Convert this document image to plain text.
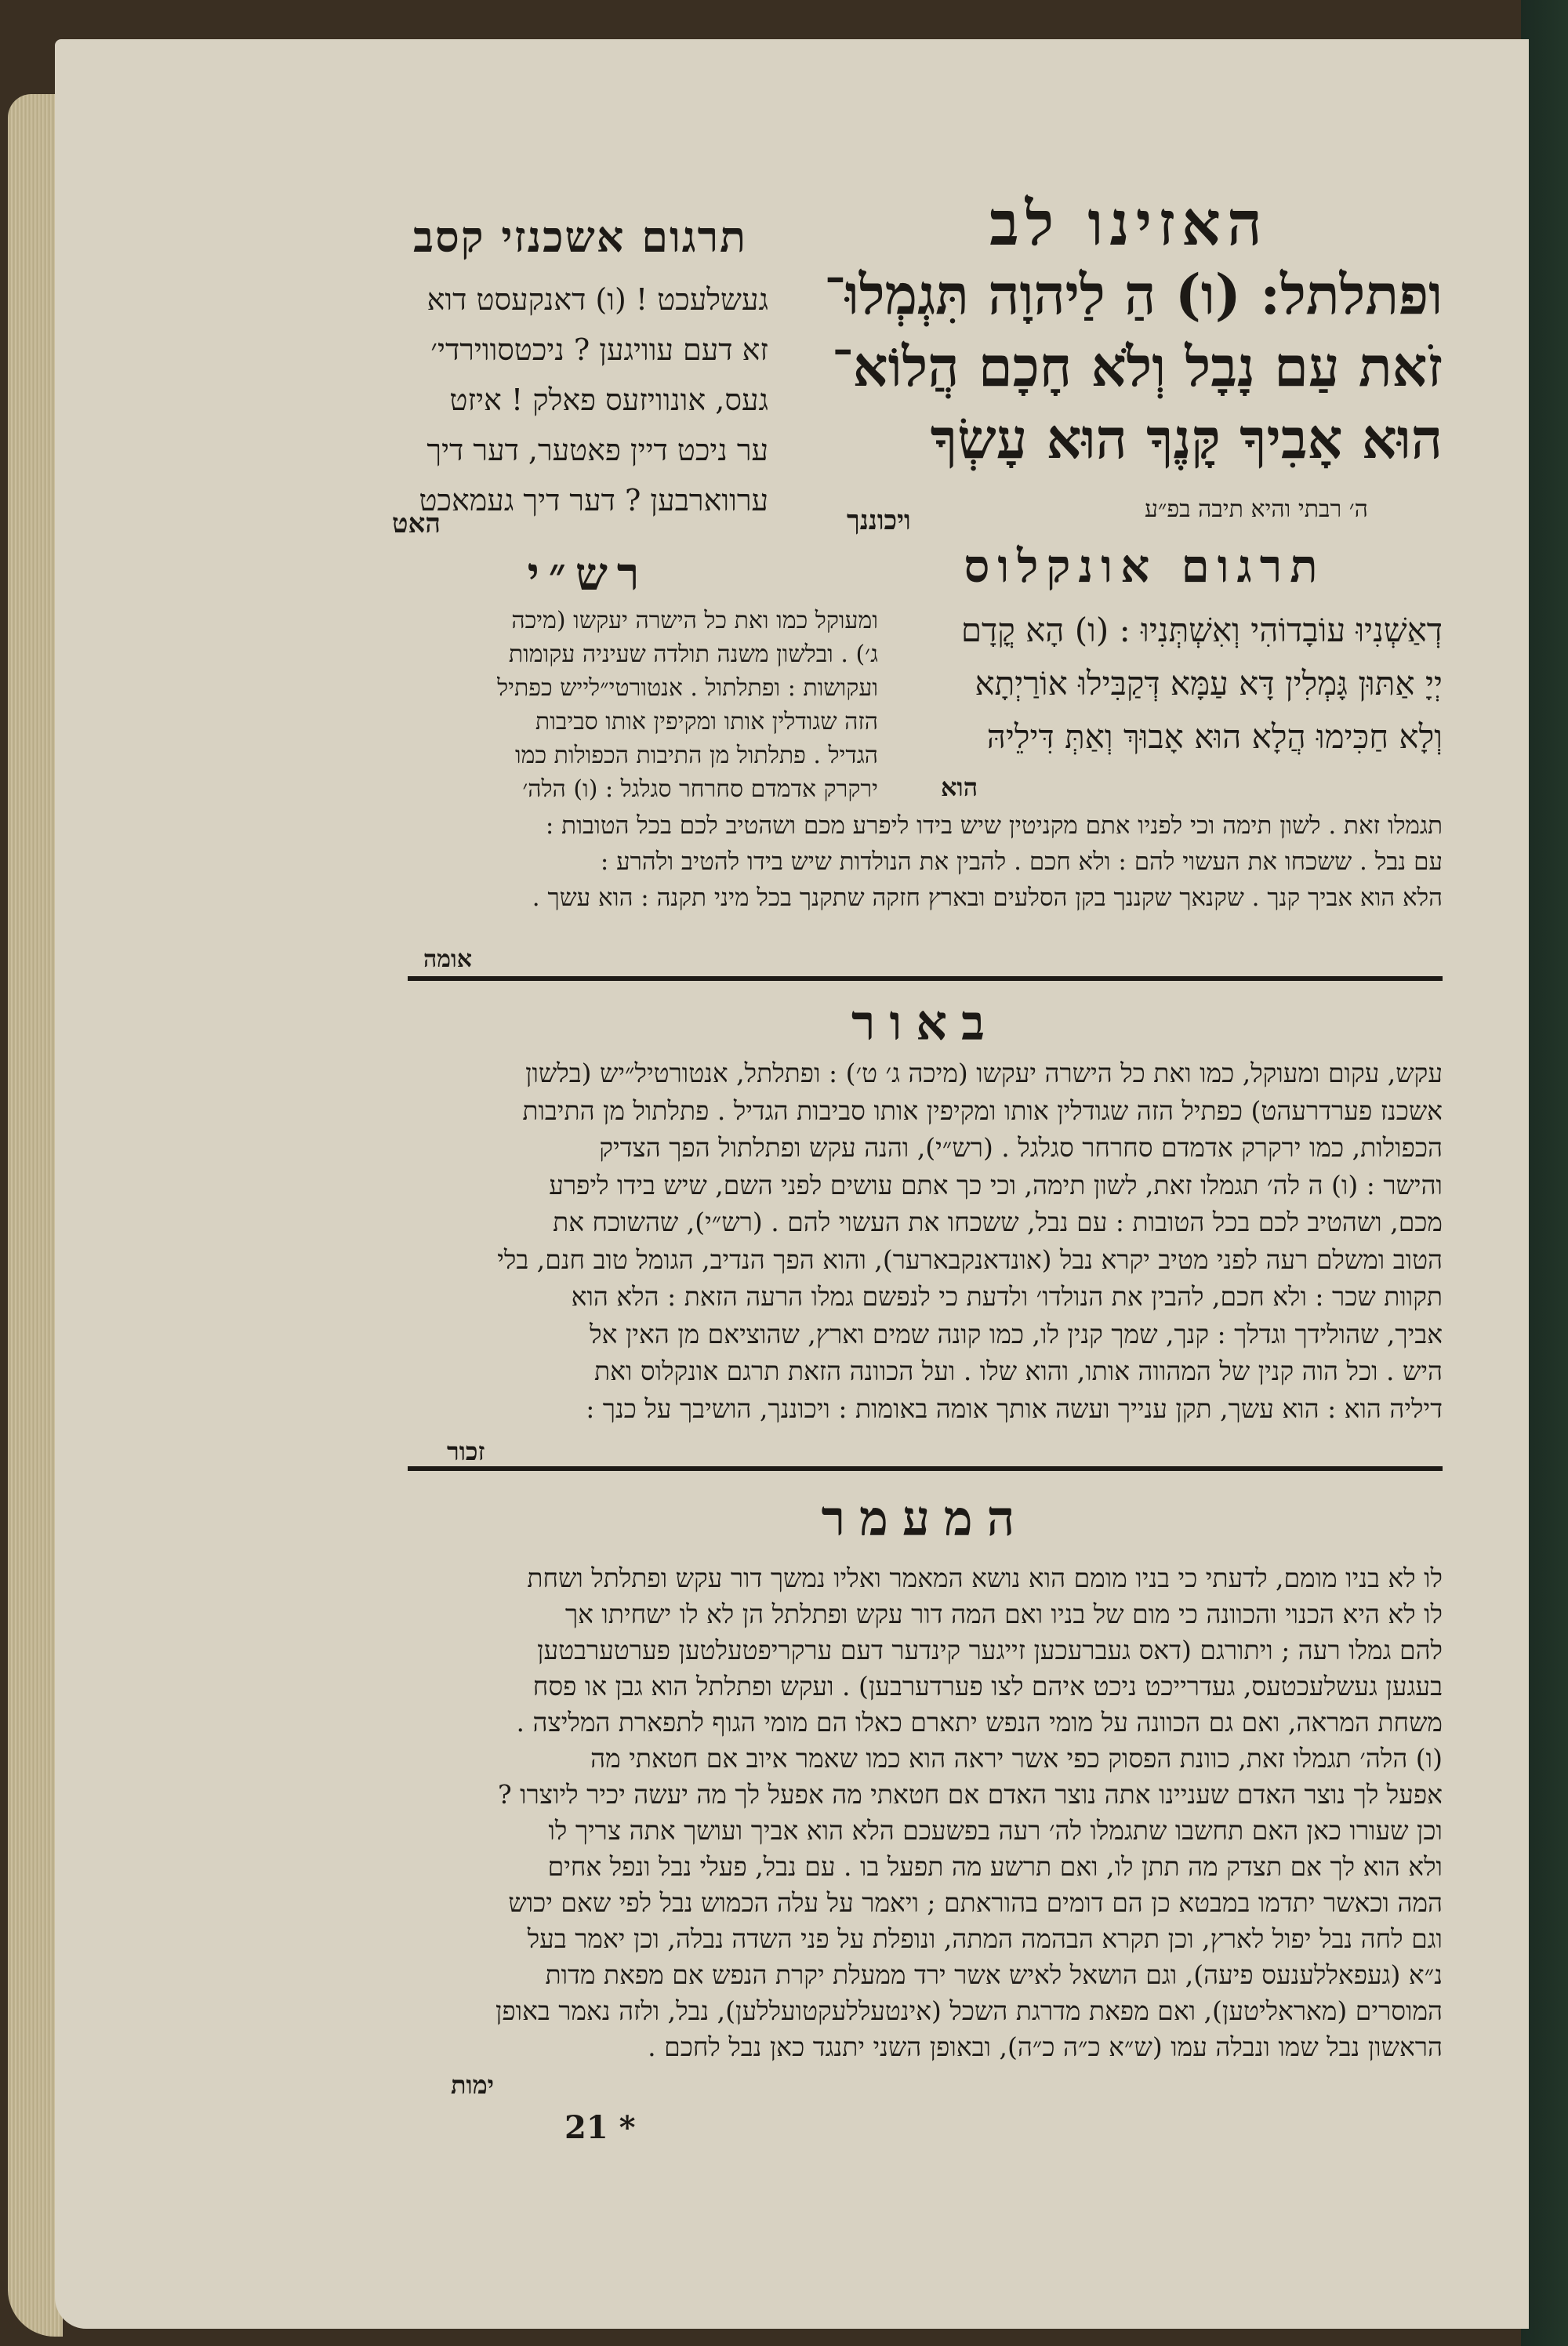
תרגום אשכנזי קסב	האזינו לב
געשלעכט ! (ו) דאנקעסט דוא
זא דעם עוויגען ? ניכטסווירדי׳
געס, אונוויזעס פאלק ! איזט
ער ניכט דיין פאטער, דער דיך
ערווארבען ? דער דיך געמאכט
האט
ופתלתל: (ו) הַ לַיהוָה תִּגְמְלוּ־
זֹאת עַם נָבָל וְלֹא חָכָם הֲלוֹא־
הוּא אָבִיךָ קָּנֶךָ הוּא עָשְׂךָ
ה׳ רבתי והיא תיבה בפ״ע
ויכוננך
רש״י	תרגום אונקלוס
ומעוקל כמו ואת כל הישרה יעקשו (מיכה
ג׳) . ובלשון משנה תולדה שעיניה עקומות
ועקושות : ופתלתול . אנטורטי״לייש כפתיל
הזה שגודלין אותו ומקיפין אותו סביבות
הגדיל . פתלתול מן התיבות הכפולות כמו
ירקרק אדמדם סחרחר סגלגל : (ו) הלה׳
דְאַשְׁנִיוּ עוֹבָדוֹהִי וְאִשְׁתְּנִיוּ : (ו) הָא קֳדָם
יְיָ אַתּוּן גָּמְלִין דָּא עַמָּא דְּקַבִּילוּ אוֹרַיְתָא
וְלָא חַכִּימוּ הֲלָא הוּא אָבוּךְ וְאַתְּ דִּילֵיהּ
הוא
תגמלו זאת . לשון תימה וכי לפניו אתם מקניטין שיש בידו ליפרע מכם ושהטיב לכם בכל הטובות :
עם נבל . ששכחו את העשוי להם : ולא חכם . להבין את הנולדות שיש בידו להטיב ולהרע :
הלא הוא אביך קנך . שקנאך שקננך בקן הסלעים ובארץ חזקה שתקנך בכל מיני תקנה : הוא עשך .
אומה
באור
עקש, עקום ומעוקל, כמו ואת כל הישרה יעקשו (מיכה ג׳ ט׳) : ופתלתל, אנטורטיל״יש (בלשון
אשכנז פערדרעהט) כפתיל הזה שגודלין אותו ומקיפין אותו סביבות הגדיל . פתלתול מן התיבות
הכפולות, כמו ירקרק אדמדם סחרחר סגלגל . (רש״י), והנה עקש ופתלתול הפך הצדיק
והישר : (ו) ה לה׳ תגמלו זאת, לשון תימה, וכי כך אתם עושים לפני השם, שיש בידו ליפרע
מכם, ושהטיב לכם בכל הטובות : עם נבל, ששכחו את העשוי להם . (רש״י), שהשוכח את
הטוב ומשלם רעה לפני מטיב יקרא נבל (אונדאנקבארער), והוא הפך הנדיב, הגומל טוב חנם, בלי
תקוות שכר : ולא חכם, להבין את הנולדו׳ ולדעת כי לנפשם גמלו הרעה הזאת : הלא הוא
אביך, שהולידך וגדלך : קנך, שמך קנין לו, כמו קונה שמים וארץ, שהוציאם מן האין אל
היש . וכל הוה קנין של המהווה אותו, והוא שלו . ועל הכוונה הזאת תרגם אונקלוס ואת
דיליה הוא : הוא עשך, תקן ענייך ועשה אותך אומה באומות : ויכוננך, הושיבך על כנך :
זכור
המעמר
לו לא בניו מומם, לדעתי כי בניו מומם הוא נושא המאמר ואליו נמשך דור עקש ופתלתל ושחת
לו לא היא הכנוי והכוונה כי מום של בניו ואם המה דור עקש ופתלתל הן לא לו ישחיתו אך
להם גמלו רעה ; ויתורגם (דאס געברעכען זייגער קינדער דעם ערקריפטעלטען פערטערבטען
בעגען געשלעכטעס, געדרייכט ניכט איהם לצו פערדערבען) . ועקש ופתלתל הוא גבן או פסח
משחת המראה, ואם גם הכוונה על מומי הנפש יתארם כאלו הם מומי הגוף לתפארת המליצה .
(ו) הלה׳ תגמלו זאת, כוונת הפסוק כפי אשר יראה הוא כמו שאמר איוב אם חטאתי מה
אפעל לך נוצר האדם שעניינו אתה נוצר האדם אם חטאתי מה אפעל לך מה יעשה יכיר ליוצרו ?
וכן שעורו כאן האם תחשבו שתגמלו לה׳ רעה בפשעכם הלא הוא אביך ועושך אתה צריך לו
ולא הוא לך אם תצדק מה תתן לו, ואם תרשע מה תפעל בו . עם נבל, פעלי נבל ונפל אחים
המה וכאשר יתדמו במבטא כן הם דומים בהוראתם ; ויאמר על עלה הכמוש נבל לפי שאם יכוש
וגם לחה נבל יפול לארץ, וכן תקרא הבהמה המתה, ונופלת על פני השדה נבלה, וכן יאמר בעל
נ״א (געפאללענעס פיעה), וגם הושאל לאיש אשר ירד ממעלת יקרת הנפש אם מפאת מדות
המוסרים (מאראליטען), ואם מפאת מדרגת השכל (אינטעללעקטועללען), נבל, ולזה נאמר באופן
הראשון נבל שמו ונבלה עמו (ש״א כ״ה כ״ה), ובאופן השני יתנגד כאן נבל לחכם .
ימות
21 *
